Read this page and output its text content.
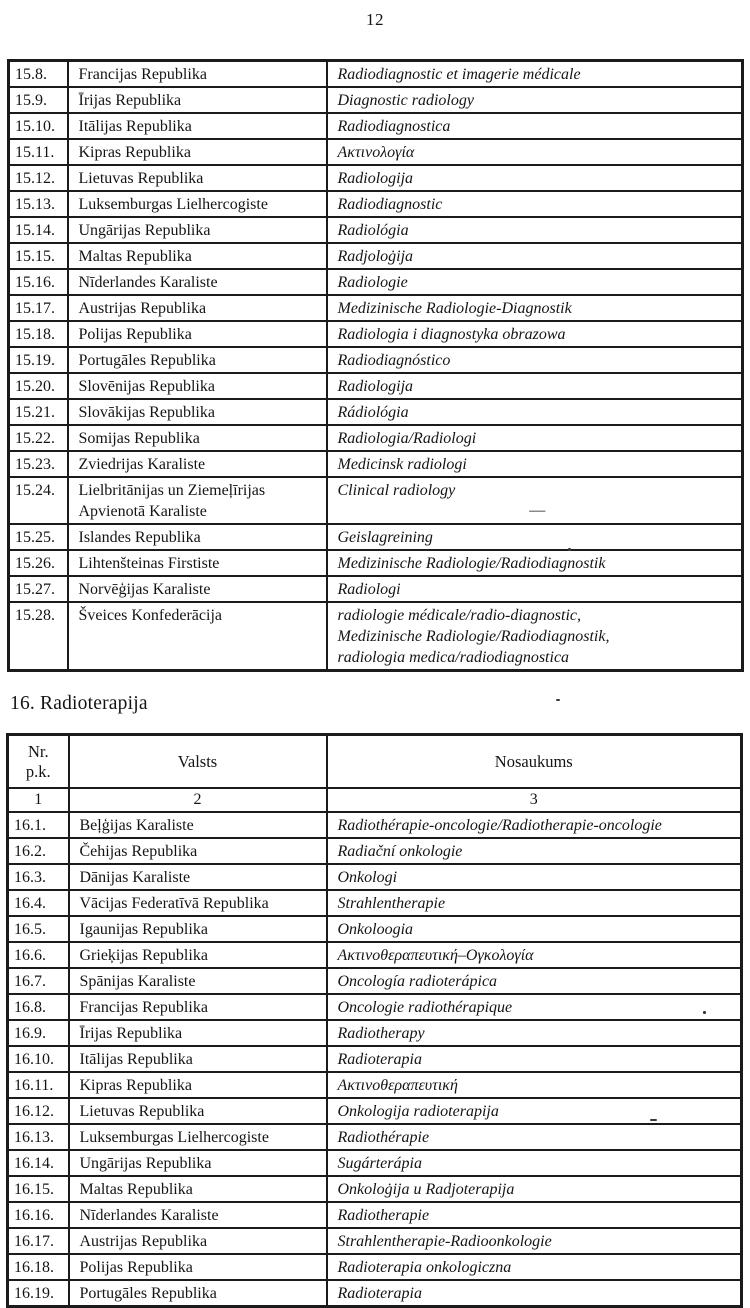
12
15.8.	Francijas Republika	Radiodiagnostic et imagerie médicale

15.9.	Īrijas Republika	Diagnostic radiology

15.10.	Itālijas Republika	Radiodiagnostica

15.11.	Kipras Republika	Ακτινολογία

15.12.	Lietuvas Republika	Radiologija

15.13.	Luksemburgas Lielhercogiste	Radiodiagnostic

15.14.	Ungārijas Republika	Radiológia

15.15.	Maltas Republika	Radjoloġija

15.16.	Nīderlandes Karaliste	Radiologie

15.17.	Austrijas Republika	Medizinische Radiologie-Diagnostik

15.18.	Polijas Republika	Radiologia i diagnostyka obrazowa

15.19.	Portugāles Republika	Radiodiagnóstico

15.20.	Slovēnijas Republika	Radiologija

15.21.	Slovākijas Republika	Rádiológia

15.22.	Somijas Republika	Radiologia/Radiologi

15.23.	Zviedrijas Karaliste	Medicinsk radiologi

15.24.	Lielbritānijas un Ziemeļīrijas Apvienotā Karaliste	Clinical radiology
—

15.25.	Islandes Republika	Geislagreining

15.26.	Lihtenšteinas Firstiste	Medizinische Radiologie/Radiodiagnostik

15.27.	Norvēģijas Karaliste	Radiologi

15.28.	Šveices Konfederācija	radiologie médicale/radio-diagnostic,
Medizinische Radiologie/Radiodiagnostik,
radiologia medica/radiodiagnostica
16. Radioterapija
Nr.
p.k.	Valsts	Nosaukums
1	2	3
16.1.	Beļģijas Karaliste	Radiothérapie-oncologie/Radiotherapie-oncologie

16.2.	Čehijas Republika	Radiační onkologie

16.3.	Dānijas Karaliste	Onkologi

16.4.	Vācijas Federatīvā Republika	Strahlentherapie

16.5.	Igaunijas Republika	Onkoloogia

16.6.	Grieķijas Republika	Ακτινοθεραπευτική–Ογκολογία

16.7.	Spānijas Karaliste	Oncología radioterápica

16.8.	Francijas Republika	Oncologie radiothérapique

16.9.	Īrijas Republika	Radiotherapy

16.10.	Itālijas Republika	Radioterapia

16.11.	Kipras Republika	Ακτινοθεραπευτική

16.12.	Lietuvas Republika	Onkologija radioterapija

16.13.	Luksemburgas Lielhercogiste	Radiothérapie

16.14.	Ungārijas Republika	Sugárterápia

16.15.	Maltas Republika	Onkoloġija u Radjoterapija

16.16.	Nīderlandes Karaliste	Radiotherapie

16.17.	Austrijas Republika	Strahlentherapie-Radioonkologie

16.18.	Polijas Republika	Radioterapia onkologiczna

16.19.	Portugāles Republika	Radioterapia
